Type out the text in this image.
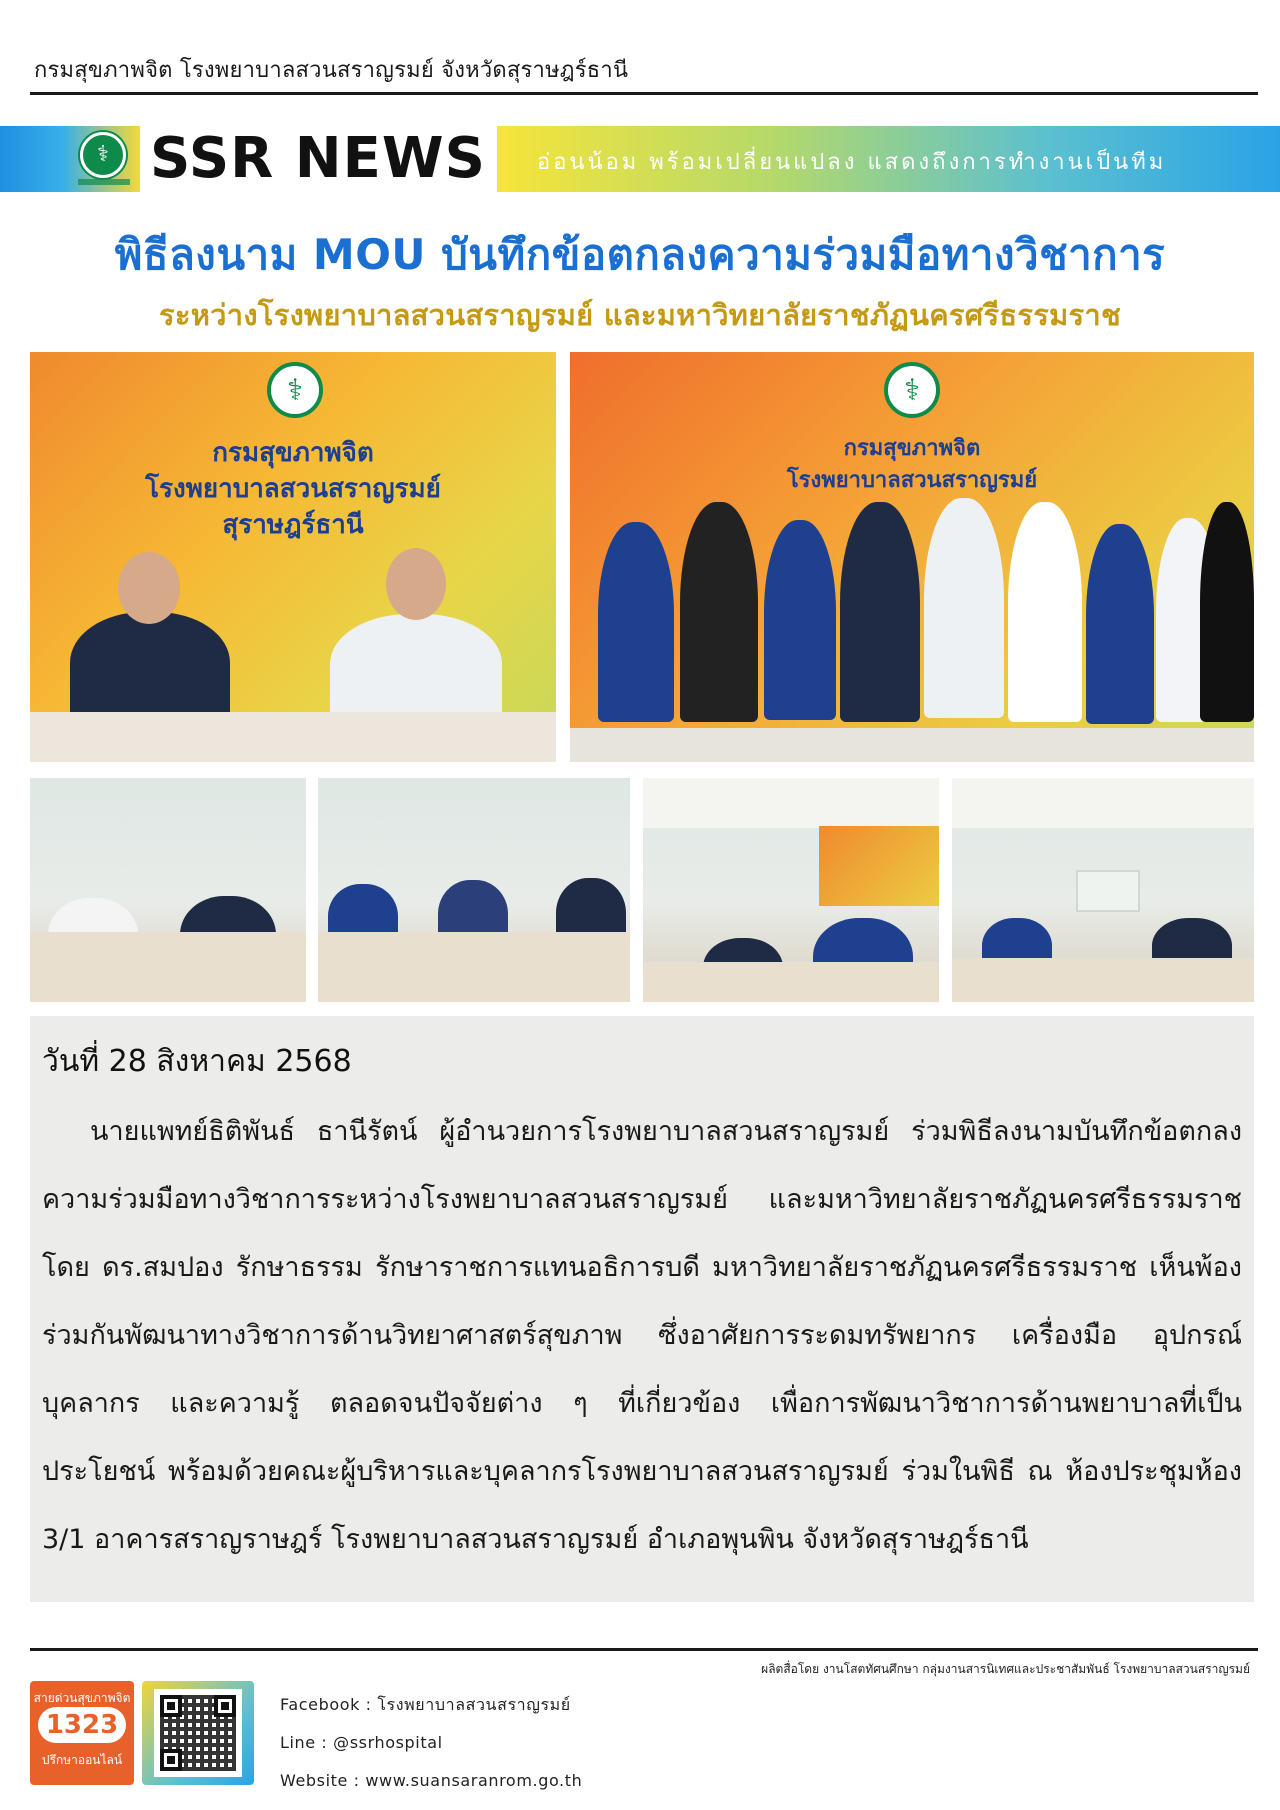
กรมสุขภาพจิต โรงพยาบาลสวนสราญรมย์ จังหวัดสุราษฎร์ธานี
⚕ SSR NEWS อ่อนน้อม พร้อมเปลี่ยนแปลง แสดงถึงการทำงานเป็นทีม
พิธีลงนาม MOU บันทึกข้อตกลงความร่วมมือทางวิชาการ
ระหว่างโรงพยาบาลสวนสราญรมย์ และมหาวิทยาลัยราชภัฏนครศรีธรรมราช
⚕
กรมสุขภาพจิต
โรงพยาบาลสวนสราญรมย์
สุราษฎร์ธานี
⚕
กรมสุขภาพจิต
โรงพยาบาลสวนสราญรมย์
วันที่ 28 สิงหาคม 2568
นายแพทย์ธิติพันธ์ ธานีรัตน์ ผู้อำนวยการโรงพยาบาลสวนสราญรมย์ ร่วมพิธีลงนามบันทึกข้อตกลงความร่วมมือทางวิชาการระหว่างโรงพยาบาลสวนสราญรมย์ และมหาวิทยาลัยราชภัฏนครศรีธรรมราช โดย ดร.สมปอง รักษาธรรม รักษาราชการแทนอธิการบดี มหาวิทยาลัยราชภัฏนครศรีธรรมราช เห็นพ้องร่วมกันพัฒนาทางวิชาการด้านวิทยาศาสตร์สุขภาพ ซึ่งอาศัยการระดมทรัพยากร เครื่องมือ อุปกรณ์ บุคลากร และความรู้ ตลอดจนปัจจัยต่าง ๆ ที่เกี่ยวข้อง เพื่อการพัฒนาวิชาการด้านพยาบาลที่เป็นประโยชน์ พร้อมด้วยคณะผู้บริหารและบุคลากรโรงพยาบาลสวนสราญรมย์ ร่วมในพิธี ณ ห้องประชุมห้อง 3/1 อาคารสราญราษฎร์ โรงพยาบาลสวนสราญรมย์ อำเภอพุนพิน จังหวัดสุราษฎร์ธานี
ผลิตสื่อโดย งานโสตทัศนศึกษา กลุ่มงานสารนิเทศและประชาสัมพันธ์ โรงพยาบาลสวนสราญรมย์
สายด่วนสุขภาพจิต
1323
ปรึกษาออนไลน์
Facebook : โรงพยาบาลสวนสราญรมย์
Line : @ssrhospital
Website : www.suansaranrom.go.th
